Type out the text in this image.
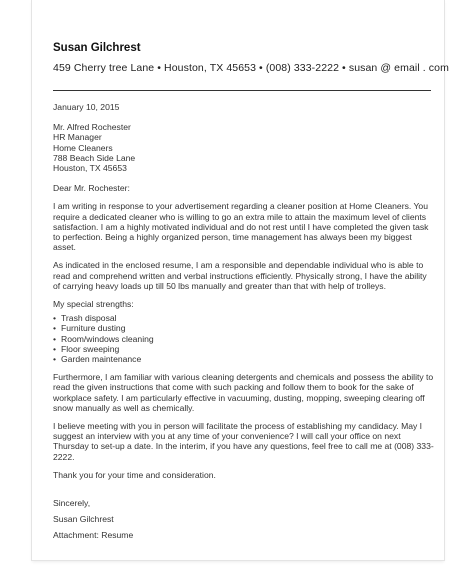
Susan Gilchrest
459 Cherry tree Lane • Houston, TX 45653 • (008) 333-2222 • susan @ email . com

January 10, 2015

Mr. Alfred Rochester

HR Manager

Home Cleaners

788 Beach Side Lane

Houston, TX 45653

Dear Mr. Rochester:

I am writing in response to your advertisement regarding a cleaner position at Home Cleaners. You require a dedicated cleaner who is willing to go an extra mile to attain the maximum level of clients satisfaction. I am a highly motivated individual and do not rest until I have completed the given task to perfection. Being a highly organized person, time management has always been my biggest asset.

As indicated in the enclosed resume, I am a responsible and dependable individual who is able to read and comprehend written and verbal instructions efficiently. Physically strong, I have the ability of carrying heavy loads up till 50 lbs manually and greater than that with help of trolleys.

My special strengths:

• Trash disposal
• Furniture dusting
• Room/windows cleaning
• Floor sweeping
• Garden maintenance

Furthermore, I am familiar with various cleaning detergents and chemicals and possess the ability to read the given instructions that come with such packing and follow them to book for the sake of workplace safety. I am particularly effective in vacuuming, dusting, mopping, sweeping clearing off snow manually as well as chemically.

I believe meeting with you in person will facilitate the process of establishing my candidacy. May I suggest an interview with you at any time of your convenience? I will call your office on next Thursday to set-up a date. In the interim, if you have any questions, feel free to call me at (008) 333-2222.

Thank you for your time and consideration.

Sincerely,

Susan Gilchrest

Attachment: Resume
